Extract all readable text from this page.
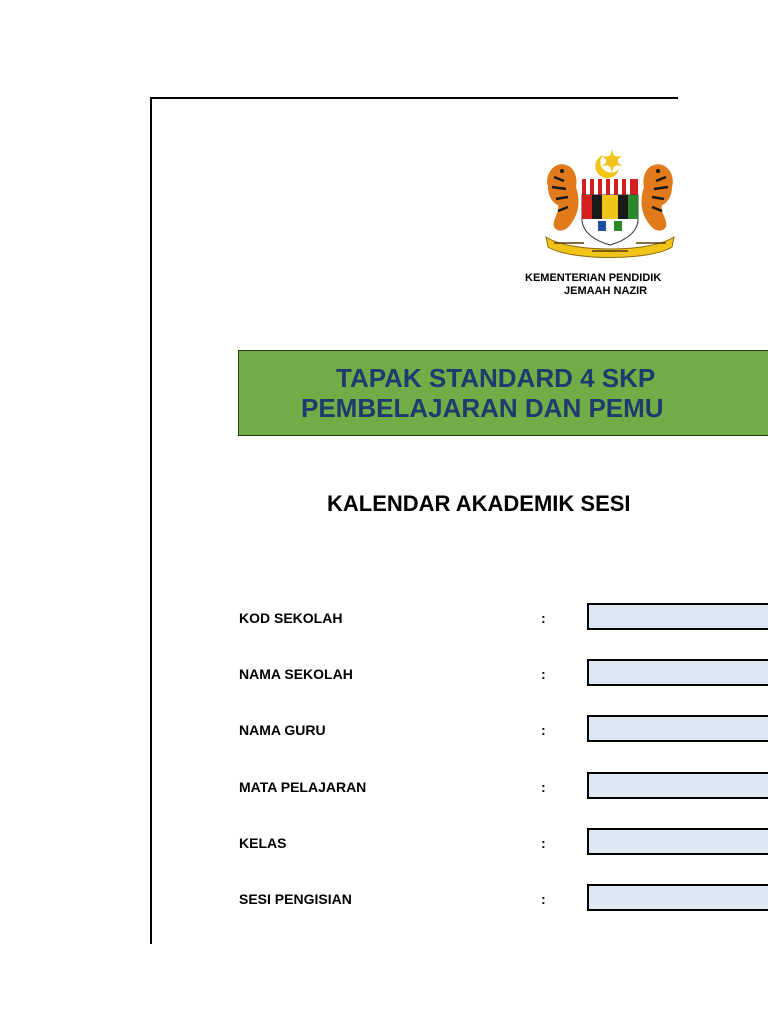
KEMENTERIAN PENDIDIK
JEMAAH NAZIR
TAPAK STANDARD 4 SKP
PEMBELAJARAN DAN PEMU
KALENDAR AKADEMIK SESI
KOD SEKOLAH	:
NAMA SEKOLAH	:
NAMA GURU	:
MATA PELAJARAN	:
KELAS	:
SESI PENGISIAN	:
